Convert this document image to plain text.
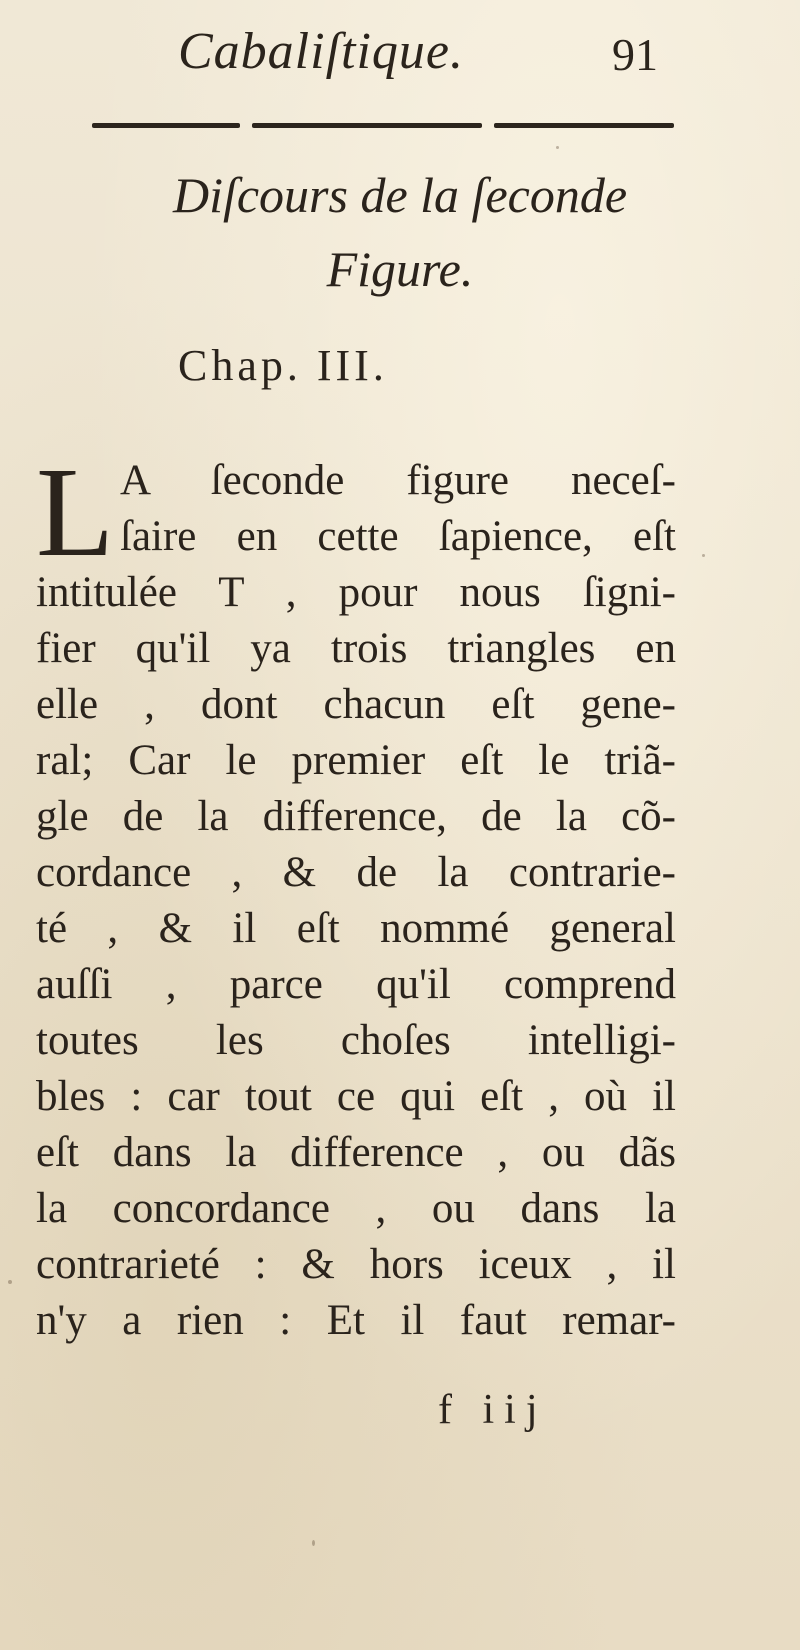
Cabaliſtique.	91
Diſcours de la ſeconde
Figure.
Chap. III.
L A ſeconde figure neceſ-
ſaire en cette ſapience, eſt
intitulée T , pour nous ſigni-
fier qu'il ya trois triangles en
elle , dont chacun eſt gene-
ral; Car le premier eſt le triã-
gle de la difference, de la cõ-
cordance , & de la contrarie-
té , & il eſt nommé general
auſſi , parce qu'il comprend
toutes les choſes intelligi-
bles : car tout ce qui eſt , où il
eſt dans la difference , ou dãs
la concordance , ou dans la
contrarieté : & hors iceux , il
n'y a rien : Et il faut remar-
f iij
